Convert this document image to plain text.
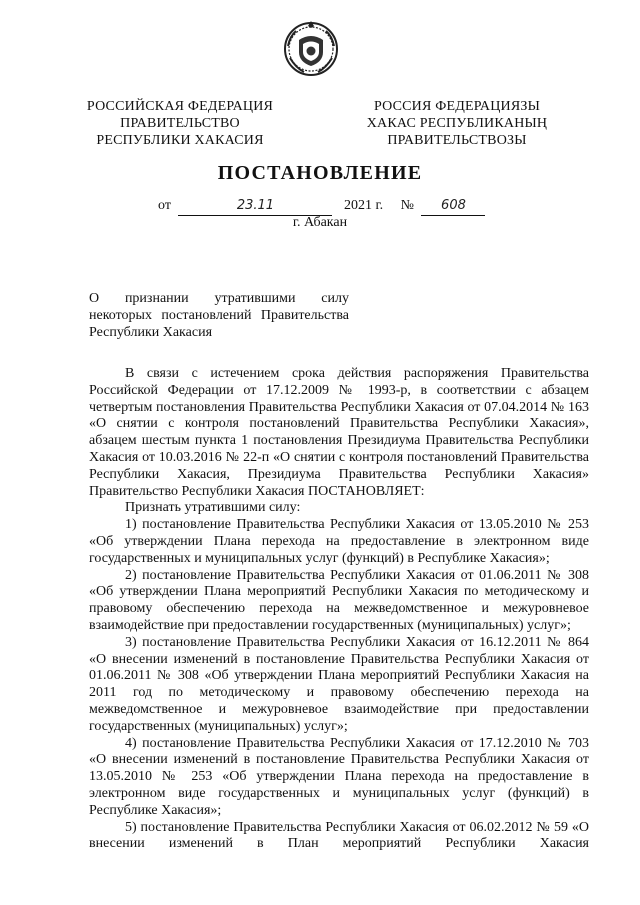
РОССИЙСКАЯ ФЕДЕРАЦИЯ
ПРАВИТЕЛЬСТВО
РЕСПУБЛИКИ ХАКАСИЯ
РОССИЯ ФЕДЕРАЦИЯЗЫ
ХАКАС РЕСПУБЛИКАНЫҢ
ПРАВИТЕЛЬСТВОЗЫ
ПОСТАНОВЛЕНИЕ
от	23.11	2021 г. № 608
г. Абакан
О признании утратившими силу
некоторых постановлений Правительства Республики Хакасия

В связи с истечением срока действия распоряжения Правительства Российской Федерации от 17.12.2009 № 1993-р, в соответствии с абзацем четвертым постановления Правительства Республики Хакасия от 07.04.2014 № 163 «О снятии с контроля постановлений Правительства Республики Хакасия», абзацем шестым пункта 1 постановления Президиума Правительства Республики Хакасия от 10.03.2016 № 22-п «О снятии с контроля постановлений Правительства Республики Хакасия, Президиума Правительства Республики Хакасия» Правительство Республики Хакасия ПОСТАНОВЛЯЕТ:

Признать утратившими силу:

1) постановление Правительства Республики Хакасия от 13.05.2010 № 253 «Об утверждении Плана перехода на предоставление в электронном виде государственных и муниципальных услуг (функций) в Республике Хакасия»;

2) постановление Правительства Республики Хакасия от 01.06.2011 № 308 «Об утверждении Плана мероприятий Республики Хакасия по методическому и правовому обеспечению перехода на межведомственное и межуровневое взаимодействие при предоставлении государственных (муниципальных) услуг»;

3) постановление Правительства Республики Хакасия от 16.12.2011 № 864 «О внесении изменений в постановление Правительства Республики Хакасия от 01.06.2011 № 308 «Об утверждении Плана мероприятий Республики Хакасия на 2011 год по методическому и правовому обеспечению перехода на межведомственное и межуровневое взаимодействие при предоставлении государственных (муниципальных) услуг»;

4) постановление Правительства Республики Хакасия от 17.12.2010 № 703 «О внесении изменений в постановление Правительства Республики Хакасия от 13.05.2010 № 253 «Об утверждении Плана перехода на предоставление в электронном виде государственных и муниципальных услуг (функций) в Республике Хакасия»;

5) постановление Правительства Республики Хакасия от 06.02.2012 № 59 «О внесении изменений в План мероприятий Республики Хакасия
